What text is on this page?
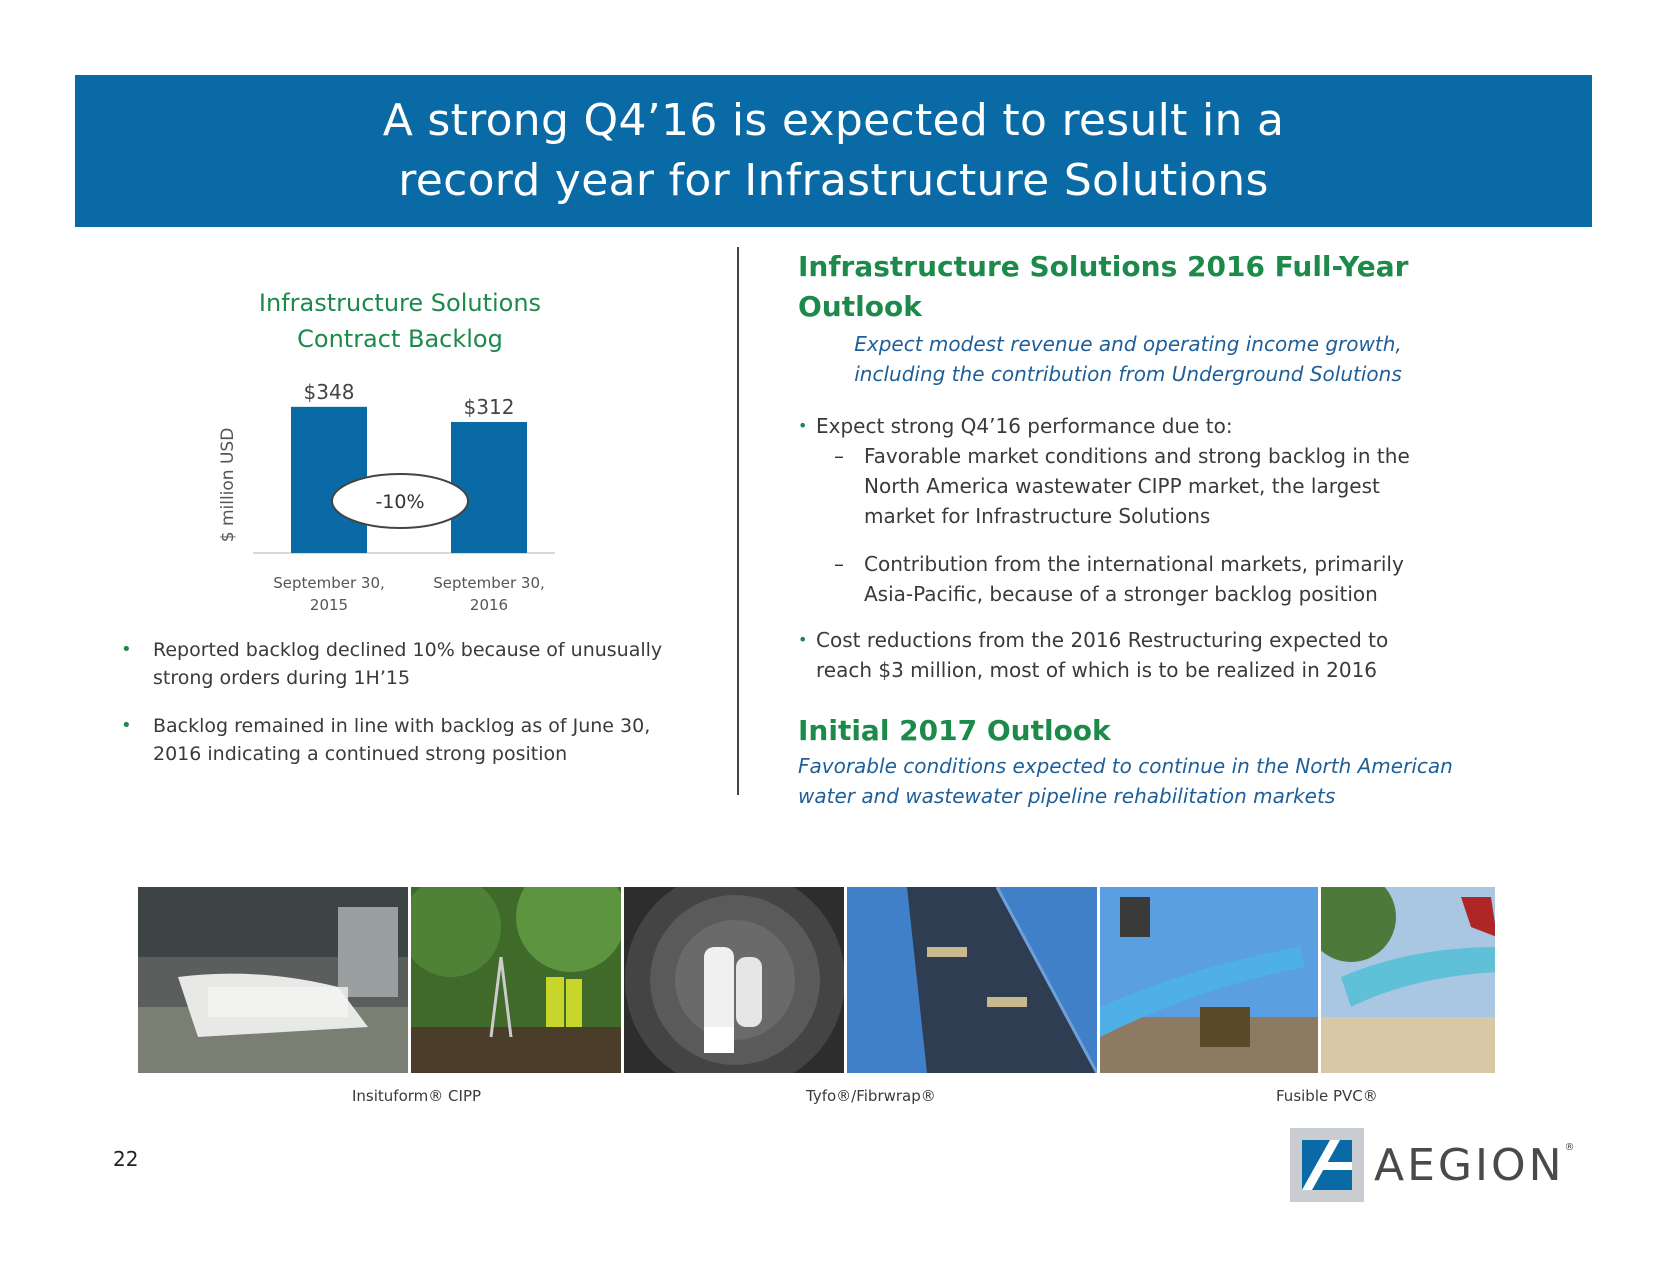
A strong Q4’16 is expected to result in a
record year for Infrastructure Solutions
Infrastructure Solutions
Contract Backlog
$ million USD
$348
$312
September 30,
2015
September 30,
2016
-10%
• Reported backlog declined 10% because of unusually strong orders during 1H’15
• Backlog remained in line with backlog as of June 30, 2016 indicating a continued strong position
Infrastructure Solutions 2016 Full-Year Outlook
Expect modest revenue and operating income growth,
including the contribution from Underground Solutions
• Expect strong Q4’16 performance due to:
– Favorable market conditions and strong backlog in the North America wastewater CIPP market, the largest market for Infrastructure Solutions
– Contribution from the international markets, primarily Asia-Pacific, because of a stronger backlog position
• Cost reductions from the 2016 Restructuring expected to reach $3 million, most of which is to be realized in 2016
Initial 2017 Outlook
Favorable conditions expected to continue in the North American
water and wastewater pipeline rehabilitation markets
Insituform® CIPP	Tyfo®/Fibrwrap®	Fusible PVC®
22	AEGION ®
